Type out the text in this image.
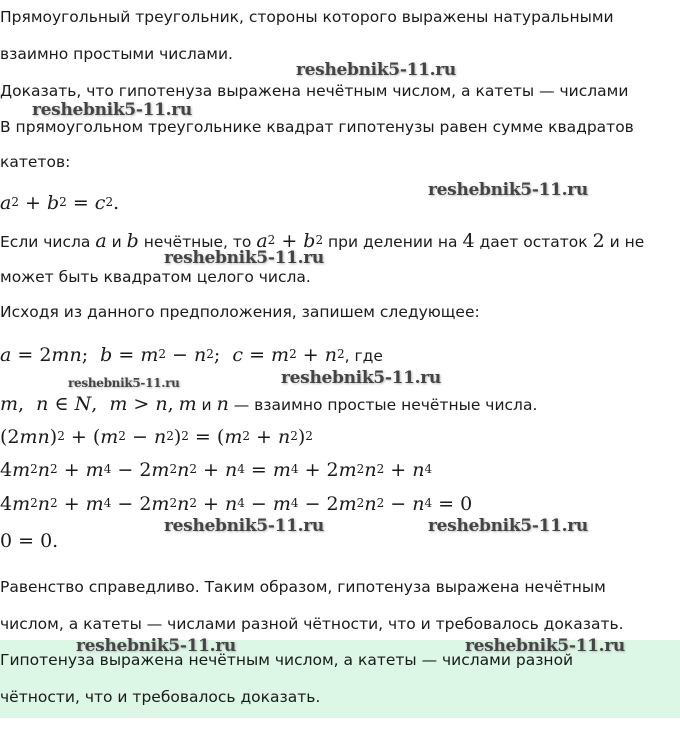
Прямоугольный треугольник, стороны которого выражены натуральными
взаимно простыми числами.
Доказать, что гипотенуза выражена нечётным числом, а катеты — числами
В прямоугольном треугольнике квадрат гипотенузы равен сумме квадратов
катетов:
$a^2 + b^2 = c^2$.
Если числа a и b нечётные, то $a^2 + b^2$ при делении на 4 дает остаток 2 и не
может быть квадратом целого числа.
Исходя из данного предположения, запишем следующее:
a = 2mn;  $b = m^2 - n^2$;  $c = m^2 + n^2$, где
m,  n ∈ N,  m > n, m и n — взаимно простые нечётные числа.
$(2mn)^2 + (m^2 - n^2)^2 = (m^2 + n^2)^2$
$4m^2n^2 + m^4 - 2m^2n^2 + n^4 = m^4 + 2m^2n^2 + n^4$
$4m^2n^2 + m^4 - 2m^2n^2 + n^4 - m^4 - 2m^2n^2 - n^4 = 0$
0 = 0.
Равенство справедливо. Таким образом, гипотенуза выражена нечётным
числом, а катеты — числами разной чётности, что и требовалось доказать.
Гипотенуза выражена нечётным числом, а катеты — числами разной
чётности, что и требовалось доказать.
reshebnik5-11.ru
reshebnik5-11.ru
reshebnik5-11.ru
reshebnik5-11.ru
reshebnik5-11.ru	reshebnik5-11.ru
reshebnik5-11.ru	reshebnik5-11.ru
reshebnik5-11.ru	reshebnik5-11.ru
